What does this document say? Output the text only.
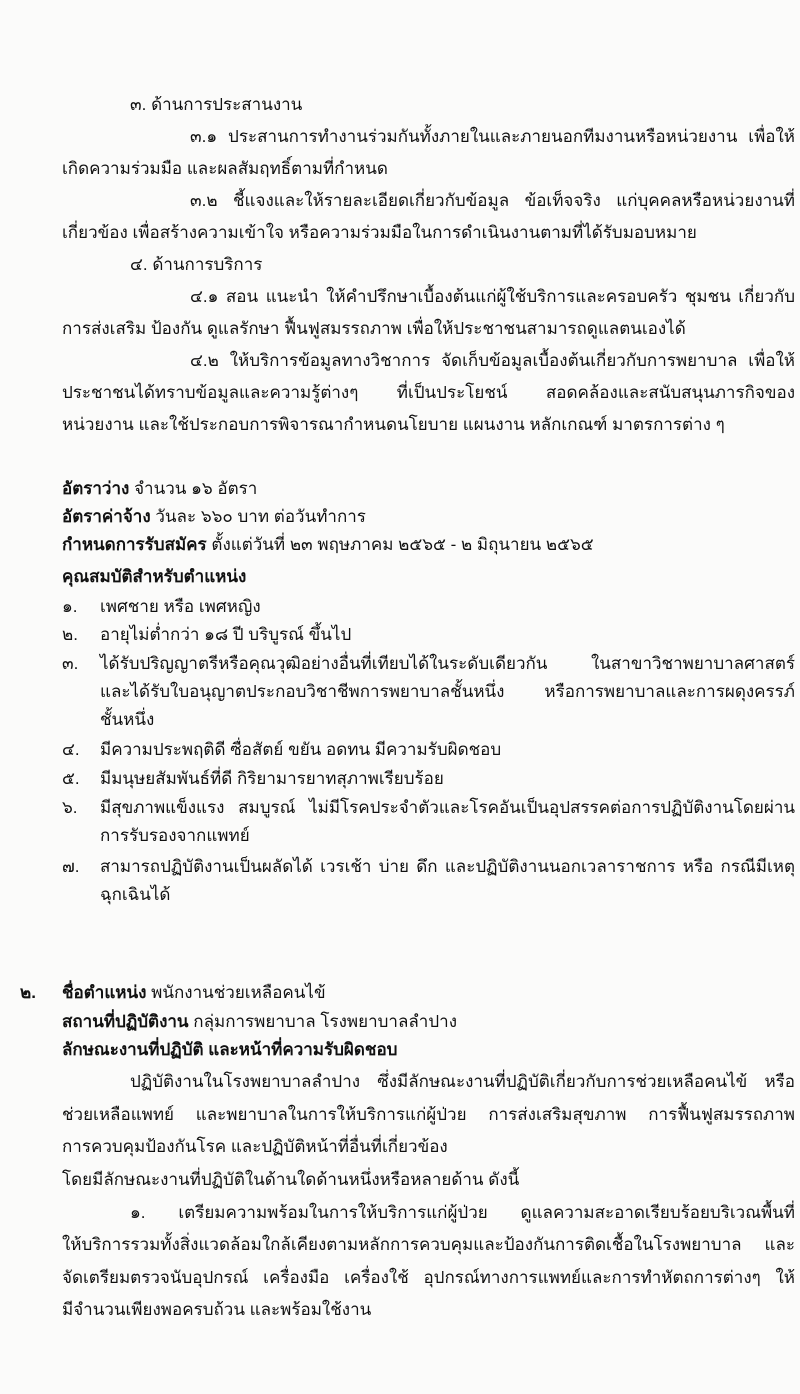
๓. ด้านการประสานงาน
๓.๑ ประสานการทำงานร่วมกันทั้งภายในและภายนอกทีมงานหรือหน่วยงาน เพื่อให้
เกิดความร่วมมือ และผลสัมฤทธิ์ตามที่กำหนด
๓.๒ ชี้แจงและให้รายละเอียดเกี่ยวกับข้อมูล ข้อเท็จจริง แก่บุคคลหรือหน่วยงานที่
เกี่ยวข้อง เพื่อสร้างความเข้าใจ หรือความร่วมมือในการดำเนินงานตามที่ได้รับมอบหมาย
๔. ด้านการบริการ
๔.๑ สอน แนะนำ ให้คำปรึกษาเบื้องต้นแก่ผู้ใช้บริการและครอบครัว ชุมชน เกี่ยวกับ
การส่งเสริม ป้องกัน ดูแลรักษา ฟื้นฟูสมรรถภาพ เพื่อให้ประชาชนสามารถดูแลตนเองได้
๔.๒ ให้บริการข้อมูลทางวิชาการ จัดเก็บข้อมูลเบื้องต้นเกี่ยวกับการพยาบาล เพื่อให้
ประชาชนได้ทราบข้อมูลและความรู้ต่างๆ ที่เป็นประโยชน์ สอดคล้องและสนับสนุนภารกิจของ
หน่วยงาน และใช้ประกอบการพิจารณากำหนดนโยบาย แผนงาน หลักเกณฑ์ มาตรการต่าง ๆ
อัตราว่าง จำนวน ๑๖ อัตรา
อัตราค่าจ้าง วันละ ๖๖๐ บาท ต่อวันทำการ
กำหนดการรับสมัคร ตั้งแต่วันที่ ๒๓ พฤษภาคม ๒๕๖๕ - ๒ มิถุนายน ๒๕๖๕
คุณสมบัติสำหรับตำแหน่ง
๑. เพศชาย หรือ เพศหญิง
๒. อายุไม่ต่ำกว่า ๑๘ ปี บริบูรณ์ ขึ้นไป
๓. ได้รับปริญญาตรีหรือคุณวุฒิอย่างอื่นที่เทียบได้ในระดับเดียวกัน ในสาขาวิชาพยาบาลศาสตร์
และได้รับใบอนุญาตประกอบวิชาชีพการพยาบาลชั้นหนึ่ง หรือการพยาบาลและการผดุงครรภ์
ชั้นหนึ่ง
๔. มีความประพฤติดี ซื่อสัตย์ ขยัน อดทน มีความรับผิดชอบ
๕. มีมนุษยสัมพันธ์ที่ดี กิริยามารยาทสุภาพเรียบร้อย
๖. มีสุขภาพแข็งแรง สมบูรณ์ ไม่มีโรคประจำตัวและโรคอันเป็นอุปสรรคต่อการปฏิบัติงานโดยผ่าน
การรับรองจากแพทย์
๗. สามารถปฏิบัติงานเป็นผลัดได้ เวรเช้า บ่าย ดึก และปฏิบัติงานนอกเวลาราชการ หรือ กรณีมีเหตุ
ฉุกเฉินได้
๒. ชื่อตำแหน่ง พนักงานช่วยเหลือคนไข้
สถานที่ปฏิบัติงาน กลุ่มการพยาบาล โรงพยาบาลลำปาง
ลักษณะงานที่ปฏิบัติ และหน้าที่ความรับผิดชอบ
ปฏิบัติงานในโรงพยาบาลลำปาง ซึ่งมีลักษณะงานที่ปฏิบัติเกี่ยวกับการช่วยเหลือคนไข้ หรือ
ช่วยเหลือแพทย์ และพยาบาลในการให้บริการแก่ผู้ป่วย การส่งเสริมสุขภาพ การฟื้นฟูสมรรถภาพ
การควบคุมป้องกันโรค และปฏิบัติหน้าที่อื่นที่เกี่ยวข้อง
โดยมีลักษณะงานที่ปฏิบัติในด้านใดด้านหนึ่งหรือหลายด้าน ดังนี้
๑. เตรียมความพร้อมในการให้บริการแก่ผู้ป่วย ดูแลความสะอาดเรียบร้อยบริเวณพื้นที่
ให้บริการรวมทั้งสิ่งแวดล้อมใกล้เคียงตามหลักการควบคุมและป้องกันการติดเชื้อในโรงพยาบาล และ
จัดเตรียมตรวจนับอุปกรณ์ เครื่องมือ เครื่องใช้ อุปกรณ์ทางการแพทย์และการทำหัตถการต่างๆ ให้
มีจำนวนเพียงพอครบถ้วน และพร้อมใช้งาน
